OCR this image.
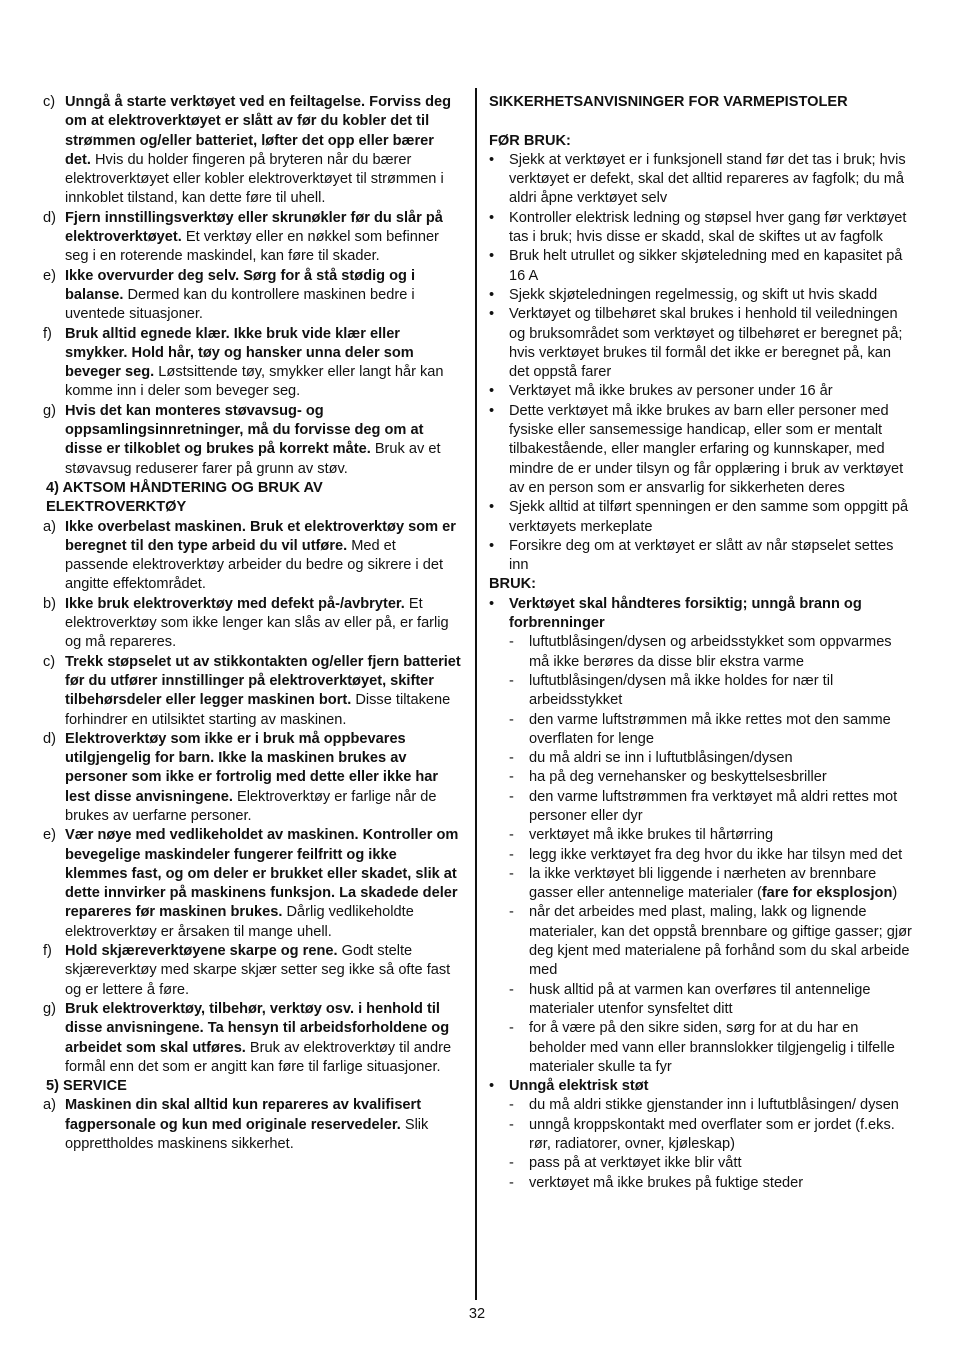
c) Unngå å starte verktøyet ved en feiltagelse. Forviss deg om at elektroverktøyet er slått av før du kobler det til strømmen og/eller batteriet, løfter det opp eller bærer det. Hvis du holder fingeren på bryteren når du bærer elektroverktøyet eller kobler elektroverktøyet til strømmen i innkoblet tilstand, kan dette føre til uhell.
d) Fjern innstillingsverktøy eller skrunøkler før du slår på elektroverktøyet. Et verktøy eller en nøkkel som befinner seg i en roterende maskindel, kan føre til skader.
e) Ikke overvurder deg selv. Sørg for å stå stødig og i balanse. Dermed kan du kontrollere maskinen bedre i uventede situasjoner.
f) Bruk alltid egnede klær. Ikke bruk vide klær eller smykker. Hold hår, tøy og hansker unna deler som beveger seg. Løstsittende tøy, smykker eller langt hår kan komme inn i deler som beveger seg.
g) Hvis det kan monteres støvavsug- og oppsamlingsinnretninger, må du forvisse deg om at disse er tilkoblet og brukes på korrekt måte. Bruk av et støvavsug reduserer farer på grunn av støv.
4) AKTSOM HÅNDTERING OG BRUK AV ELEKTROVERKTØY
a) Ikke overbelast maskinen. Bruk et elektroverktøy som er beregnet til den type arbeid du vil utføre. Med et passende elektroverktøy arbeider du bedre og sikrere i det angitte effektområdet.
b) Ikke bruk elektroverktøy med defekt på-/avbryter. Et elektroverktøy som ikke lenger kan slås av eller på, er farlig og må repareres.
c) Trekk støpselet ut av stikkontakten og/eller fjern batteriet før du utfører innstillinger på elektroverktøyet, skifter tilbehørsdeler eller legger maskinen bort. Disse tiltakene forhindrer en utilsiktet starting av maskinen.
d) Elektroverktøy som ikke er i bruk må oppbevares utilgjengelig for barn. Ikke la maskinen brukes av personer som ikke er fortrolig med dette eller ikke har lest disse anvisningene. Elektroverktøy er farlige når de brukes av uerfarne personer.
e) Vær nøye med vedlikeholdet av maskinen. Kontroller om bevegelige maskindeler fungerer feilfritt og ikke klemmes fast, og om deler er brukket eller skadet, slik at dette innvirker på maskinens funksjon. La skadede deler repareres før maskinen brukes. Dårlig vedlikeholdte elektroverktøy er årsaken til mange uhell.
f) Hold skjæreverktøyene skarpe og rene. Godt stelte skjæreverktøy med skarpe skjær setter seg ikke så ofte fast og er lettere å føre.
g) Bruk elektroverktøy, tilbehør, verktøy osv. i henhold til disse anvisningene. Ta hensyn til arbeidsforholdene og arbeidet som skal utføres. Bruk av elektroverktøy til andre formål enn det som er angitt kan føre til farlige situasjoner.
5) SERVICE
a) Maskinen din skal alltid kun repareres av kvalifisert fagpersonale og kun med originale reservedeler. Slik opprettholdes maskinens sikkerhet.
SIKKERHETSANVISNINGER FOR VARMEPISTOLER
FØR BRUK:
• Sjekk at verktøyet er i funksjonell stand før det tas i bruk; hvis verktøyet er defekt, skal det alltid repareres av fagfolk; du må aldri åpne verktøyet selv
• Kontroller elektrisk ledning og støpsel hver gang før verktøyet tas i bruk; hvis disse er skadd, skal de skiftes ut av fagfolk
• Bruk helt utrullet og sikker skjøteledning med en kapasitet på 16 A
• Sjekk skjøteledningen regelmessig, og skift ut hvis skadd
• Verktøyet og tilbehøret skal brukes i henhold til veiledningen og bruksområdet som verktøyet og tilbehøret er beregnet på; hvis verktøyet brukes til formål det ikke er beregnet på, kan det oppstå farer
• Verktøyet må ikke brukes av personer under 16 år
• Dette verktøyet må ikke brukes av barn eller personer med fysiske eller sansemessige handicap, eller som er mentalt tilbakestående, eller mangler erfaring og kunnskaper, med mindre de er under tilsyn og får opplæring i bruk av verktøyet av en person som er ansvarlig for sikkerheten deres
• Sjekk alltid at tilført spenningen er den samme som oppgitt på verktøyets merkeplate
• Forsikre deg om at verktøyet er slått av når støpselet settes inn
BRUK:
• Verktøyet skal håndteres forsiktig; unngå brann og forbrenninger
- luftutblåsingen/dysen og arbeidsstykket som oppvarmes må ikke berøres da disse blir ekstra varme
- luftutblåsingen/dysen må ikke holdes for nær til arbeidsstykket
- den varme luftstrømmen må ikke rettes mot den samme overflaten for lenge
- du må aldri se inn i luftutblåsingen/dysen
- ha på deg vernehansker og beskyttelsesbriller
- den varme luftstrømmen fra verktøyet må aldri rettes mot personer eller dyr
- verktøyet må ikke brukes til hårtørring
- legg ikke verktøyet fra deg hvor du ikke har tilsyn med det
- la ikke verktøyet bli liggende i nærheten av brennbare gasser eller antennelige materialer (fare for eksplosjon)
- når det arbeides med plast, maling, lakk og lignende materialer, kan det oppstå brennbare og giftige gasser; gjør deg kjent med materialene på forhånd som du skal arbeide med
- husk alltid på at varmen kan overføres til antennelige materialer utenfor synsfeltet ditt
- for å være på den sikre siden, sørg for at du har en beholder med vann eller brannslokker tilgjengelig i tilfelle materialer skulle ta fyr
• Unngå elektrisk støt
- du må aldri stikke gjenstander inn i luftutblåsingen/ dysen
- unngå kroppskontakt med overflater som er jordet (f.eks. rør, radiatorer, ovner, kjøleskap)
- pass på at verktøyet ikke blir vått
- verktøyet må ikke brukes på fuktige steder
32
